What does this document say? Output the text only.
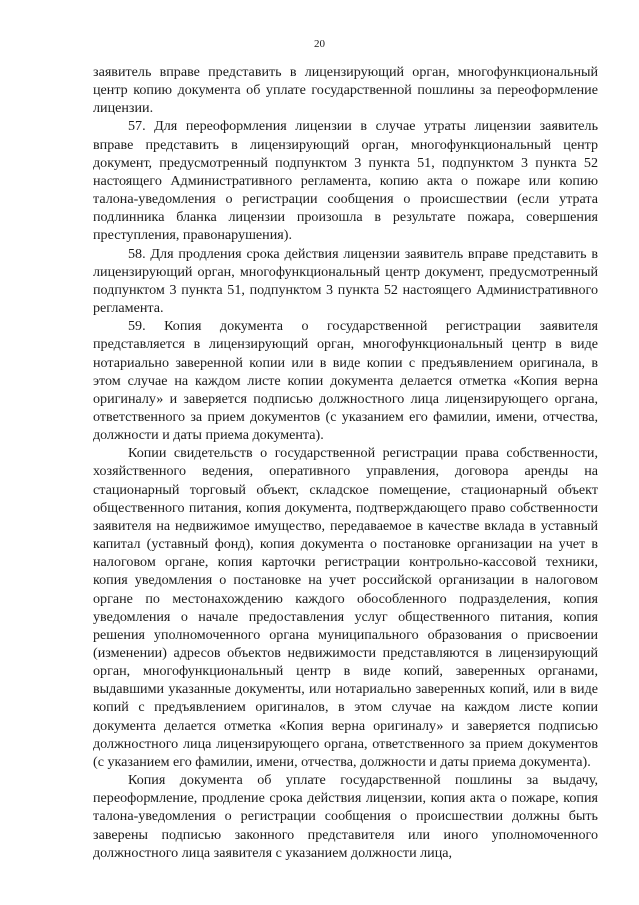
20

заявитель вправе представить в лицензирующий орган, многофункциональный центр копию документа об уплате государственной пошлины за переоформление лицензии.

57. Для переоформления лицензии в случае утраты лицензии заявитель вправе представить в лицензирующий орган, многофункциональный центр документ, предусмотренный подпунктом 3 пункта 51, подпунктом 3 пункта 52 настоящего Административного регламента, копию акта о пожаре или копию талона-уведомления о регистрации сообщения о происшествии (если утрата подлинника бланка лицензии произошла в результате пожара, совершения преступления, правонарушения).

58. Для продления срока действия лицензии заявитель вправе представить в лицензирующий орган, многофункциональный центр документ, предусмотренный подпунктом 3 пункта 51, подпунктом 3 пункта 52 настоящего Административного регламента.

59. Копия документа о государственной регистрации заявителя представляется в лицензирующий орган, многофункциональный центр в виде нотариально заверенной копии или в виде копии с предъявлением оригинала, в этом случае на каждом листе копии документа делается отметка «Копия верна оригиналу» и заверяется подписью должностного лица лицензирующего органа, ответственного за прием документов (с указанием его фамилии, имени, отчества, должности и даты приема документа).

Копии свидетельств о государственной регистрации права собственности, хозяйственного ведения, оперативного управления, договора аренды на стационарный торговый объект, складское помещение, стационарный объект общественного питания, копия документа, подтверждающего право собственности заявителя на недвижимое имущество, передаваемое в качестве вклада в уставный капитал (уставный фонд), копия документа о постановке организации на учет в налоговом органе, копия карточки регистрации контрольно-кассовой техники, копия уведомления о постановке на учет российской организации в налоговом органе по местонахождению каждого обособленного подразделения, копия уведомления о начале предоставления услуг общественного питания, копия решения уполномоченного органа муниципального образования о присвоении (изменении) адресов объектов недвижимости представляются в лицензирующий орган, многофункциональный центр в виде копий, заверенных органами, выдавшими указанные документы, или нотариально заверенных копий, или в виде копий с предъявлением оригиналов, в этом случае на каждом листе копии документа делается отметка «Копия верна оригиналу» и заверяется подписью должностного лица лицензирующего органа, ответственного за прием документов (с указанием его фамилии, имени, отчества, должности и даты приема документа).

Копия документа об уплате государственной пошлины за выдачу, переоформление, продление срока действия лицензии, копия акта о пожаре, копия талона-уведомления о регистрации сообщения о происшествии должны быть заверены подписью законного представителя или иного уполномоченного должностного лица заявителя с указанием должности лица,
